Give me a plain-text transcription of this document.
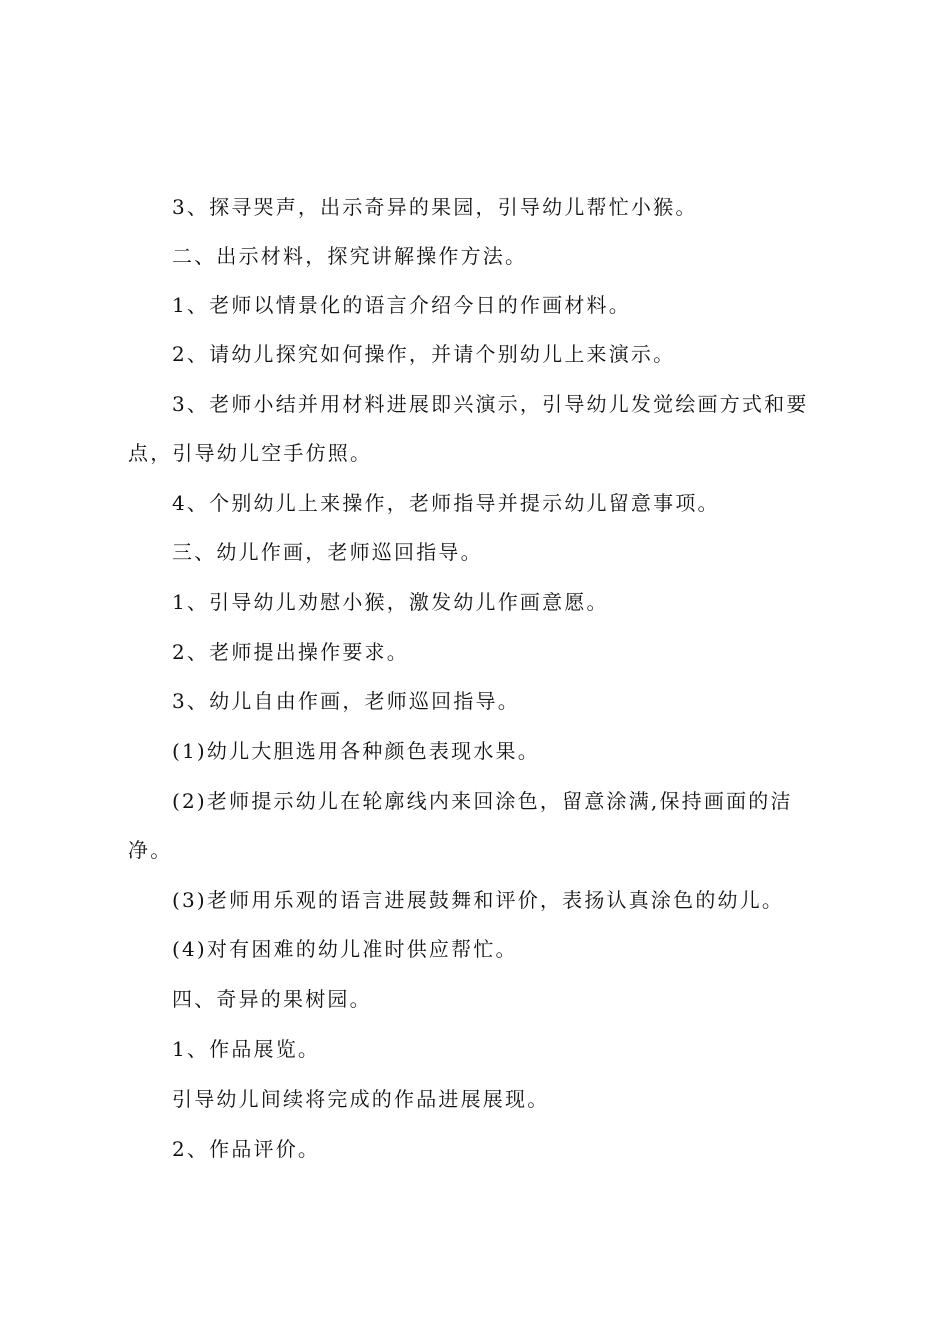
3、探寻哭声，出示奇异的果园，引导幼儿帮忙小猴。

二、出示材料，探究讲解操作方法。

1、老师以情景化的语言介绍今日的作画材料。

2、请幼儿探究如何操作，并请个别幼儿上来演示。

3、老师小结并用材料进展即兴演示，引导幼儿发觉绘画方式和要
点，引导幼儿空手仿照。

4、个别幼儿上来操作，老师指导并提示幼儿留意事项。

三、幼儿作画，老师巡回指导。

1、引导幼儿劝慰小猴，激发幼儿作画意愿。

2、老师提出操作要求。

3、幼儿自由作画，老师巡回指导。

(1)幼儿大胆选用各种颜色表现水果。

(2)老师提示幼儿在轮廓线内来回涂色，留意涂满,保持画面的洁
净。

(3)老师用乐观的语言进展鼓舞和评价，表扬认真涂色的幼儿。

(4)对有困难的幼儿准时供应帮忙。

四、奇异的果树园。

1、作品展览。

引导幼儿间续将完成的作品进展展现。

2、作品评价。
